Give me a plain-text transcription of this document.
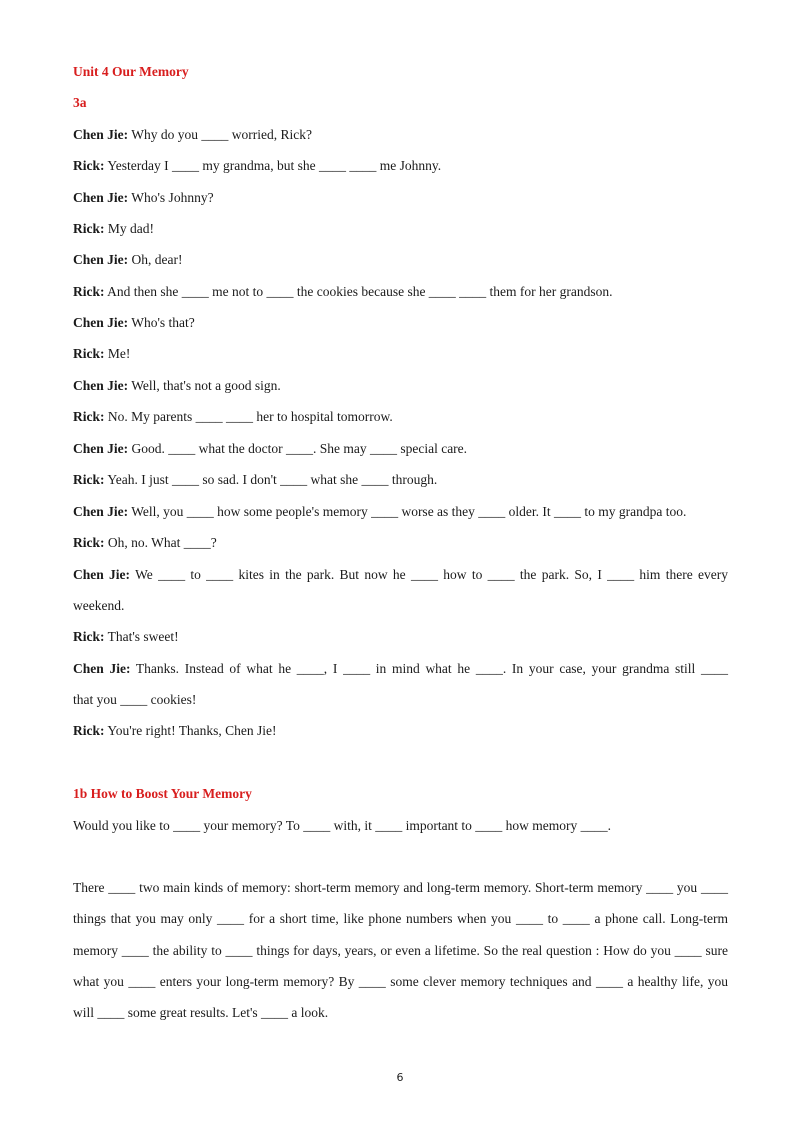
Unit 4 Our Memory
3a
Chen Jie: Why do you ____ worried, Rick?
Rick: Yesterday I ____ my grandma, but she ____ ____ me Johnny.
Chen Jie: Who's Johnny?
Rick: My dad!
Chen Jie: Oh, dear!
Rick: And then she ____ me not to ____ the cookies because she ____ ____ them for her grandson.
Chen Jie: Who's that?
Rick: Me!
Chen Jie: Well, that's not a good sign.
Rick: No. My parents ____ ____ her to hospital tomorrow.
Chen Jie: Good. ____ what the doctor ____. She may ____ special care.
Rick: Yeah. I just ____ so sad. I don't ____ what she ____ through.
Chen Jie: Well, you ____ how some people's memory ____ worse as they ____ older. It ____ to my grandpa too.
Rick: Oh, no. What ____?
Chen Jie: We ____ to ____ kites in the park. But now he ____ how to ____ the park. So, I ____ him there every
weekend.
Rick: That's sweet!
Chen Jie: Thanks. Instead of what he ____, I ____ in mind what he ____. In your case, your grandma still ____
that you ____ cookies!
Rick: You're right! Thanks, Chen Jie!
1b How to Boost Your Memory
Would you like to ____ your memory? To ____ with, it ____ important to ____ how memory ____.
There ____ two main kinds of memory: short-term memory and long-term memory. Short-term memory ____ you ____ things that you may only ____ for a short time, like phone numbers when you ____ to ____ a phone call. Long-term memory ____ the ability to ____ things for days, years, or even a lifetime. So the real question : How do you ____ sure what you ____ enters your long-term memory? By ____ some clever memory techniques and ____ a healthy life, you will ____ some great results. Let's ____ a look.
6
